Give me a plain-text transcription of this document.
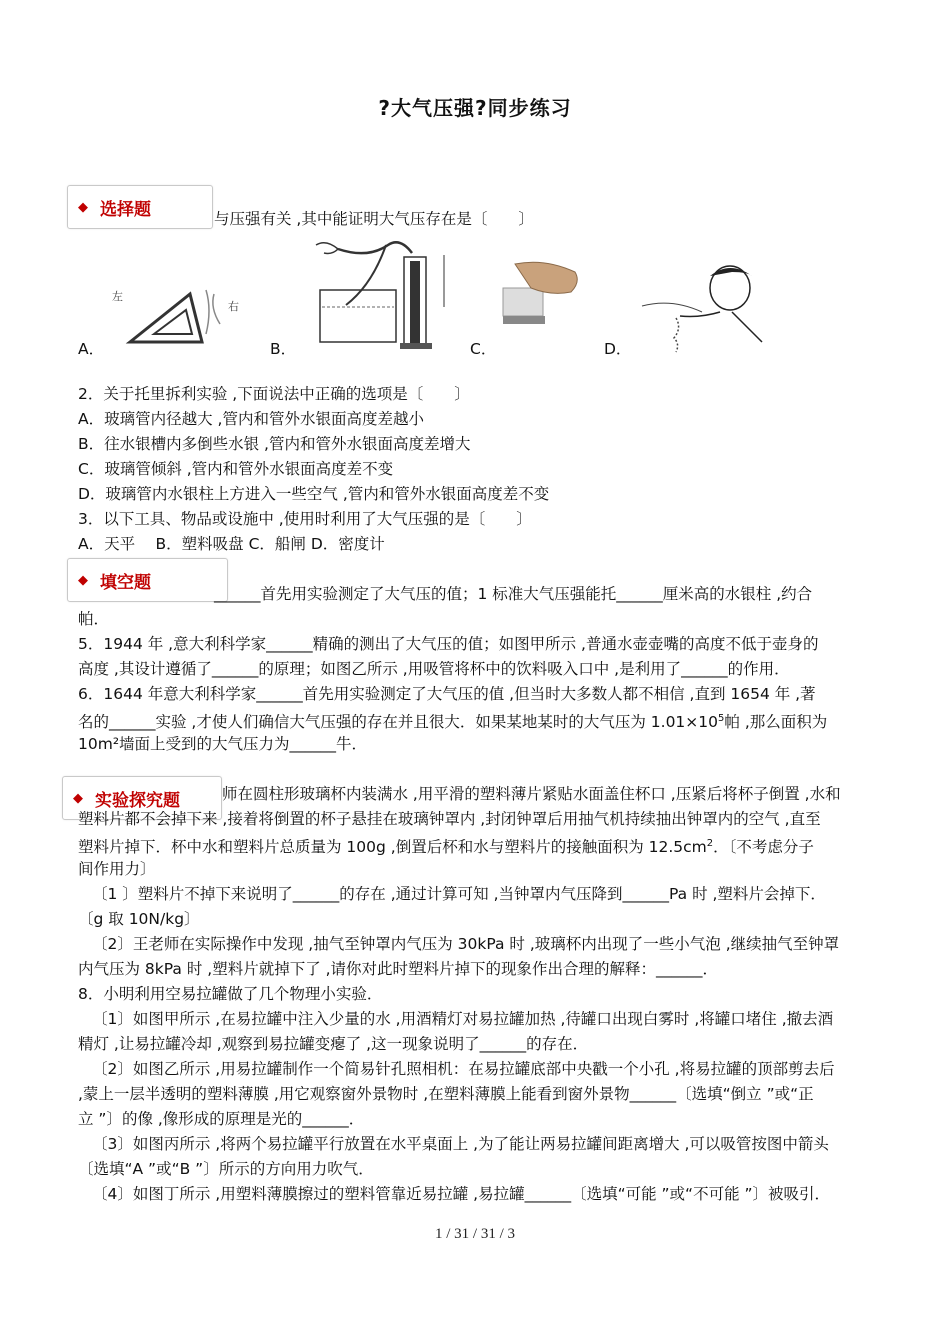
?大气压强?同步练习
◆ 选择题	与压强有关 ,其中能证明大气压存在是〔　　〕
左
右
A．	B．	C．	D．
2．关于托里拆利实验 ,下面说法中正确的选项是〔　　〕
A．玻璃管内径越大 ,管内和管外水银面高度差越小
B．往水银槽内多倒些水银 ,管内和管外水银面高度差增大
C．玻璃管倾斜 ,管内和管外水银面高度差不变
D．玻璃管内水银柱上方进入一些空气 ,管内和管外水银面高度差不变
3．以下工具、物品或设施中 ,使用时利用了大气压强的是〔　　〕
A．天平　 B．塑料吸盘 C．船闸 D．密度计
◆ 填空题
______首先用实验测定了大气压的值；1 标准大气压强能托______厘米高的水银柱 ,约合
帕．
5．1944 年 ,意大利科学家______精确的测出了大气压的值；如图甲所示 ,普通水壶壶嘴的高度不低于壶身的
高度 ,其设计遵循了______的原理；如图乙所示 ,用吸管将杯中的饮料吸入口中 ,是利用了______的作用．
6．1644 年意大利科学家______首先用实验测定了大气压的值 ,但当时大多数人都不相信 ,直到 1654 年 ,著
名的______实验 ,才使人们确信大气压强的存在并且很大．如果某地某时的大气压为 $1.01\times 10^5$帕 ,那么面积为
10m²墙面上受到的大气压力为______牛．
◆ 实验探究题	师在圆柱形玻璃杯内装满水 ,用平滑的塑料薄片紧贴水面盖住杯口 ,压紧后将杯子倒置 ,水和
塑料片都不会掉下来 ,接着将倒置的杯子悬挂在玻璃钟罩内 ,封闭钟罩后用抽气机持续抽出钟罩内的空气 ,直至
塑料片掉下．杯中水和塑料片总质量为 100g ,倒置后杯和水与塑料片的接触面积为 $12.5cm^2$．〔不考虑分子
间作用力〕
〔1 〕塑料片不掉下来说明了______的存在 ,通过计算可知 ,当钟罩内气压降到______Pa 时 ,塑料片会掉下．
〔g 取 10N/kg〕
〔2〕王老师在实际操作中发现 ,抽气至钟罩内气压为 30kPa 时 ,玻璃杯内出现了一些小气泡 ,继续抽气至钟罩
内气压为 8kPa 时 ,塑料片就掉下了 ,请你对此时塑料片掉下的现象作出合理的解释：______．
8．小明利用空易拉罐做了几个物理小实验．
〔1〕如图甲所示 ,在易拉罐中注入少量的水 ,用酒精灯对易拉罐加热 ,待罐口出现白雾时 ,将罐口堵住 ,撤去酒
精灯 ,让易拉罐冷却 ,观察到易拉罐变瘪了 ,这一现象说明了______的存在．
〔2〕如图乙所示 ,用易拉罐制作一个简易针孔照相机：在易拉罐底部中央戳一个小孔 ,将易拉罐的顶部剪去后
,蒙上一层半透明的塑料薄膜 ,用它观察窗外景物时 ,在塑料薄膜上能看到窗外景物______〔选填“倒立 ”或“正
立 ”〕的像 ,像形成的原理是光的______．
〔3〕如图丙所示 ,将两个易拉罐平行放置在水平桌面上 ,为了能让两易拉罐间距离增大 ,可以吸管按图中箭头
〔选填“A ”或“B ”〕所示的方向用力吹气．
〔4〕如图丁所示 ,用塑料薄膜擦过的塑料管靠近易拉罐 ,易拉罐______〔选填“可能 ”或“不可能 ”〕被吸引．
1 / 31 / 31 / 3
